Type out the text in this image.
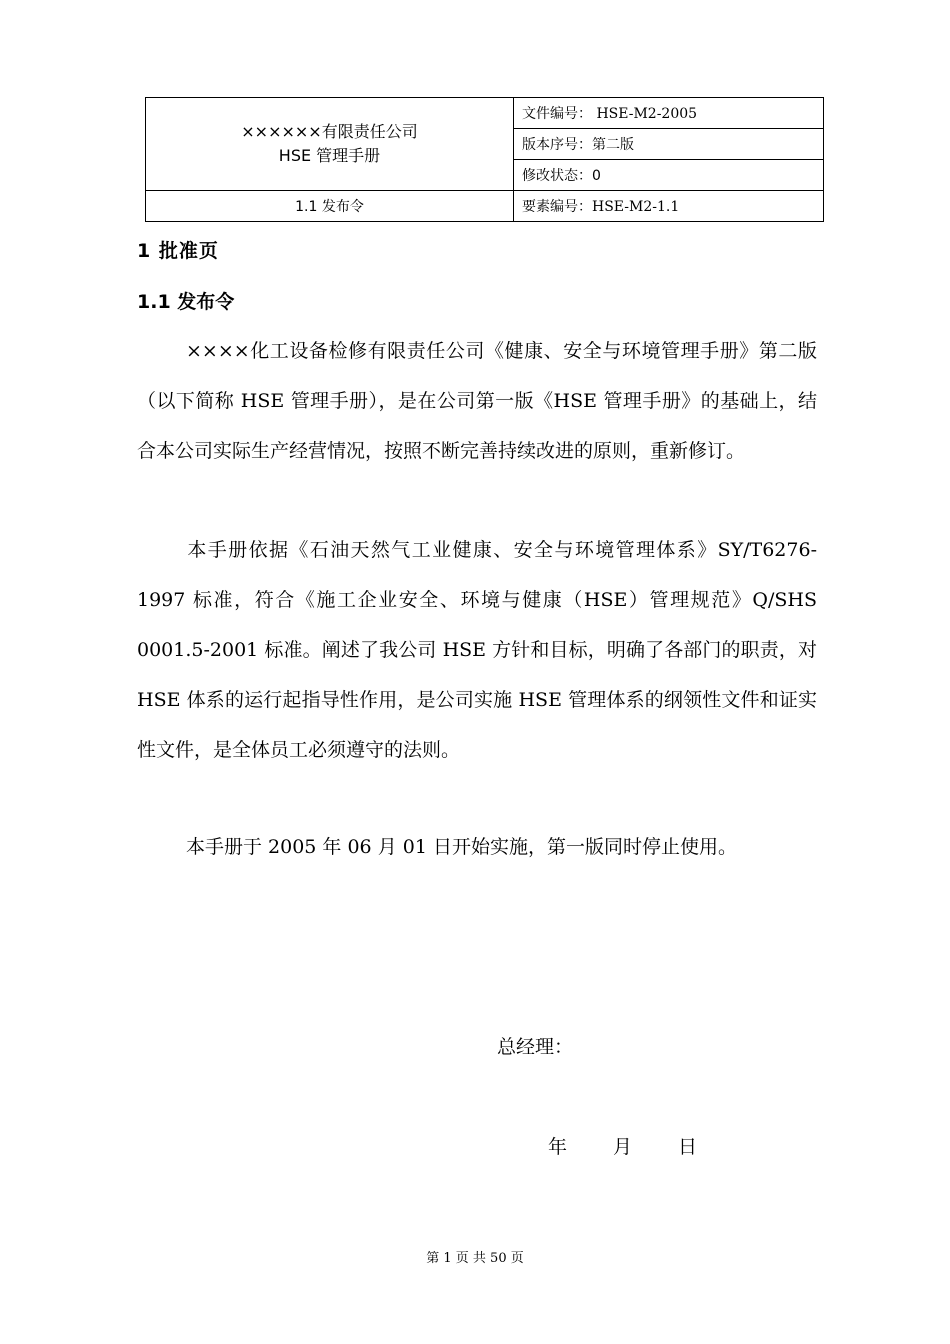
××××××有限责任公司
HSE 管理手册	文件编号： HSE-M2-2005
	版本序号：第二版
	修改状态：0
1.1 发布令	要素编号：HSE-M2-1.1
1 批准页
1.1 发布令

××××化工设备检修有限责任公司《健康、安全与环境管理手册》第二版（以下简称 HSE 管理手册），是在公司第一版《HSE 管理手册》的基础上，结合本公司实际生产经营情况，按照不断完善持续改进的原则，重新修订。

本手册依据《石油天然气工业健康、安全与环境管理体系》SY/T6276-1997 标准，符合《施工企业安全、环境与健康（HSE）管理规范》Q/SHS 0001.5-2001 标准。阐述了我公司 HSE 方针和目标，明确了各部门的职责，对 HSE 体系的运行起指导性作用，是公司实施 HSE 管理体系的纲领性文件和证实性文件，是全体员工必须遵守的法则。

本手册于 2005 年 06 月 01 日开始实施，第一版同时停止使用。

总经理：
年 月 日
第 1 页 共 50 页
